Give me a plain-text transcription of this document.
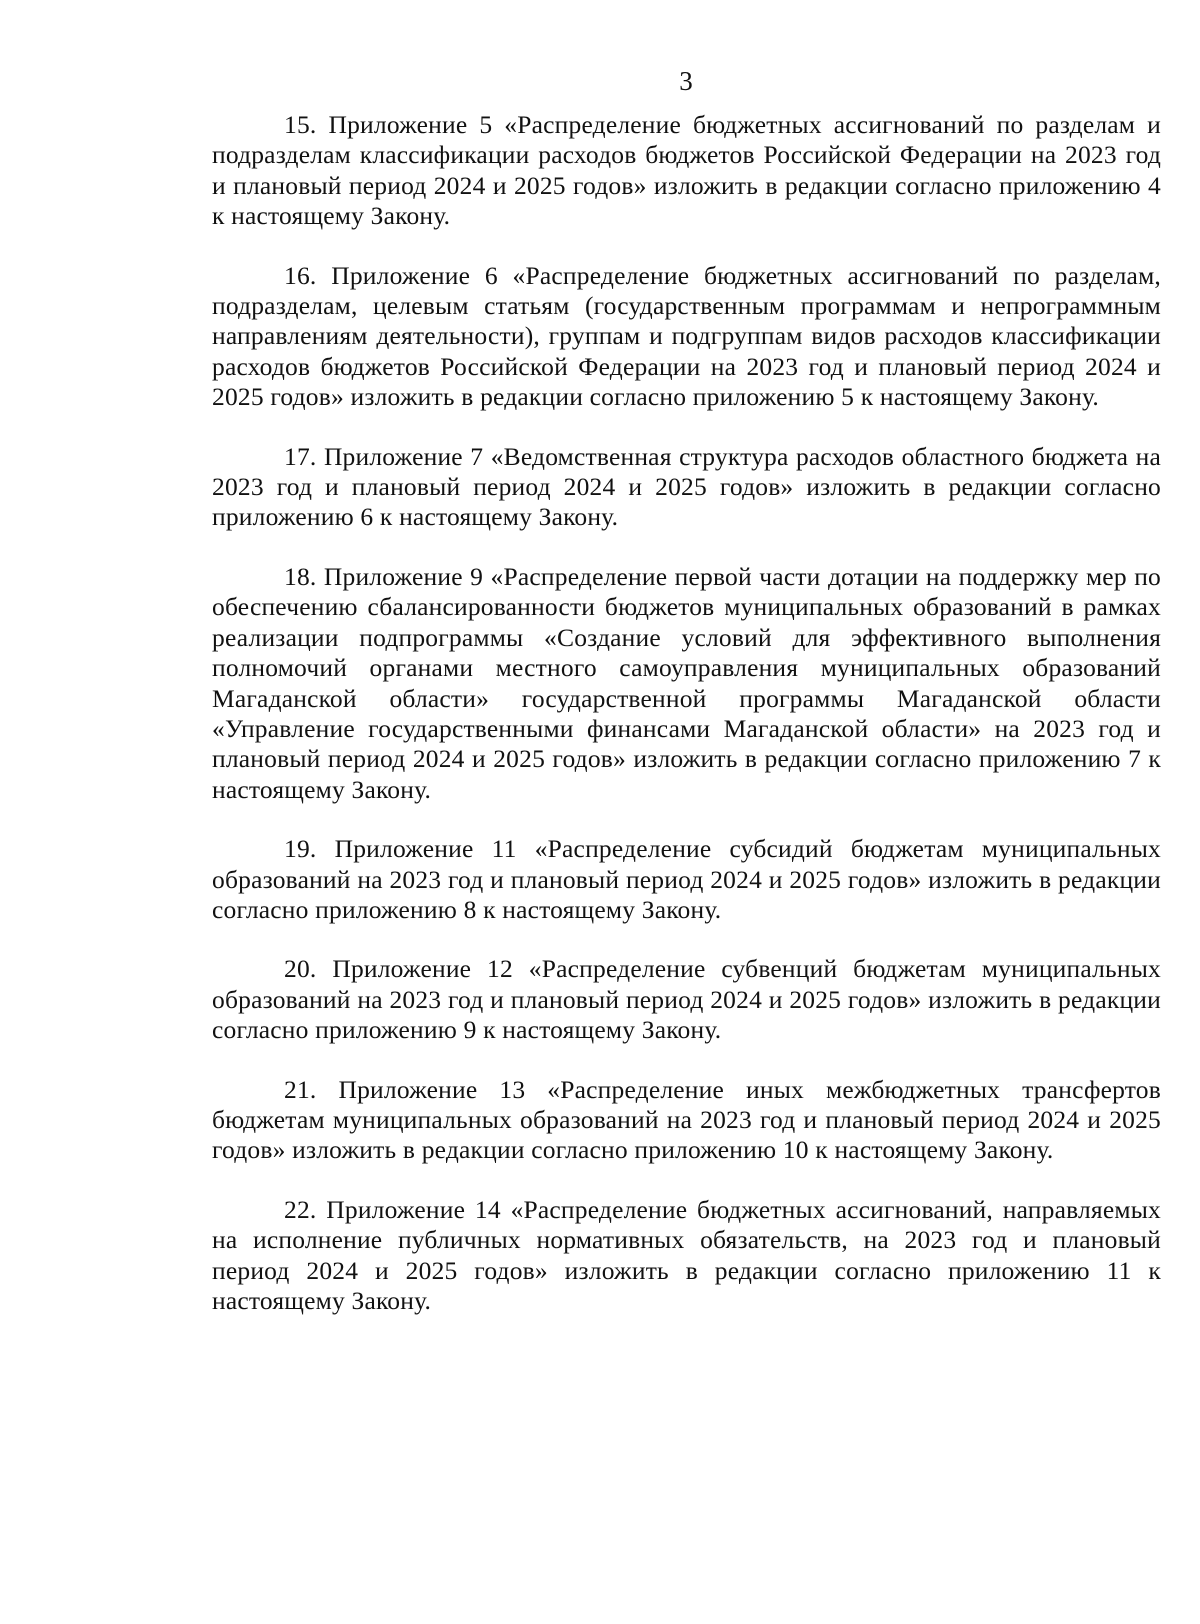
3

15. Приложение 5 «Распределение бюджетных ассигнований по разделам и подразделам классификации расходов бюджетов Российской Федерации на 2023 год и плановый период 2024 и 2025 годов» изложить в редакции согласно приложению 4 к настоящему Закону.

16. Приложение 6 «Распределение бюджетных ассигнований по разделам, подразделам, целевым статьям (государственным программам и непрограммным направлениям деятельности), группам и подгруппам видов расходов классификации расходов бюджетов Российской Федерации на 2023 год и плановый период 2024 и 2025 годов» изложить в редакции согласно приложению 5 к настоящему Закону.

17. Приложение 7 «Ведомственная структура расходов областного бюджета на 2023 год и плановый период 2024 и 2025 годов» изложить в редакции согласно приложению 6 к настоящему Закону.

18. Приложение 9 «Распределение первой части дотации на поддержку мер по обеспечению сбалансированности бюджетов муниципальных образований в рамках реализации подпрограммы «Создание условий для эффективного выполнения полномочий органами местного самоуправления муниципальных образований Магаданской области» государственной программы Магаданской области «Управление государственными финансами Магаданской области» на 2023 год и плановый период 2024 и 2025 годов» изложить в редакции согласно приложению 7 к настоящему Закону.

19. Приложение 11 «Распределение субсидий бюджетам муниципальных образований на 2023 год и плановый период 2024 и 2025 годов» изложить в редакции согласно приложению 8 к настоящему Закону.

20. Приложение 12 «Распределение субвенций бюджетам муниципальных образований на 2023 год и плановый период 2024 и 2025 годов» изложить в редакции согласно приложению 9 к настоящему Закону.

21. Приложение 13 «Распределение иных межбюджетных трансфертов бюджетам муниципальных образований на 2023 год и плановый период 2024 и 2025 годов» изложить в редакции согласно приложению 10 к настоящему Закону.

22. Приложение 14 «Распределение бюджетных ассигнований, направляемых на исполнение публичных нормативных обязательств, на 2023 год и плановый период 2024 и 2025 годов» изложить в редакции согласно приложению 11 к настоящему Закону.
